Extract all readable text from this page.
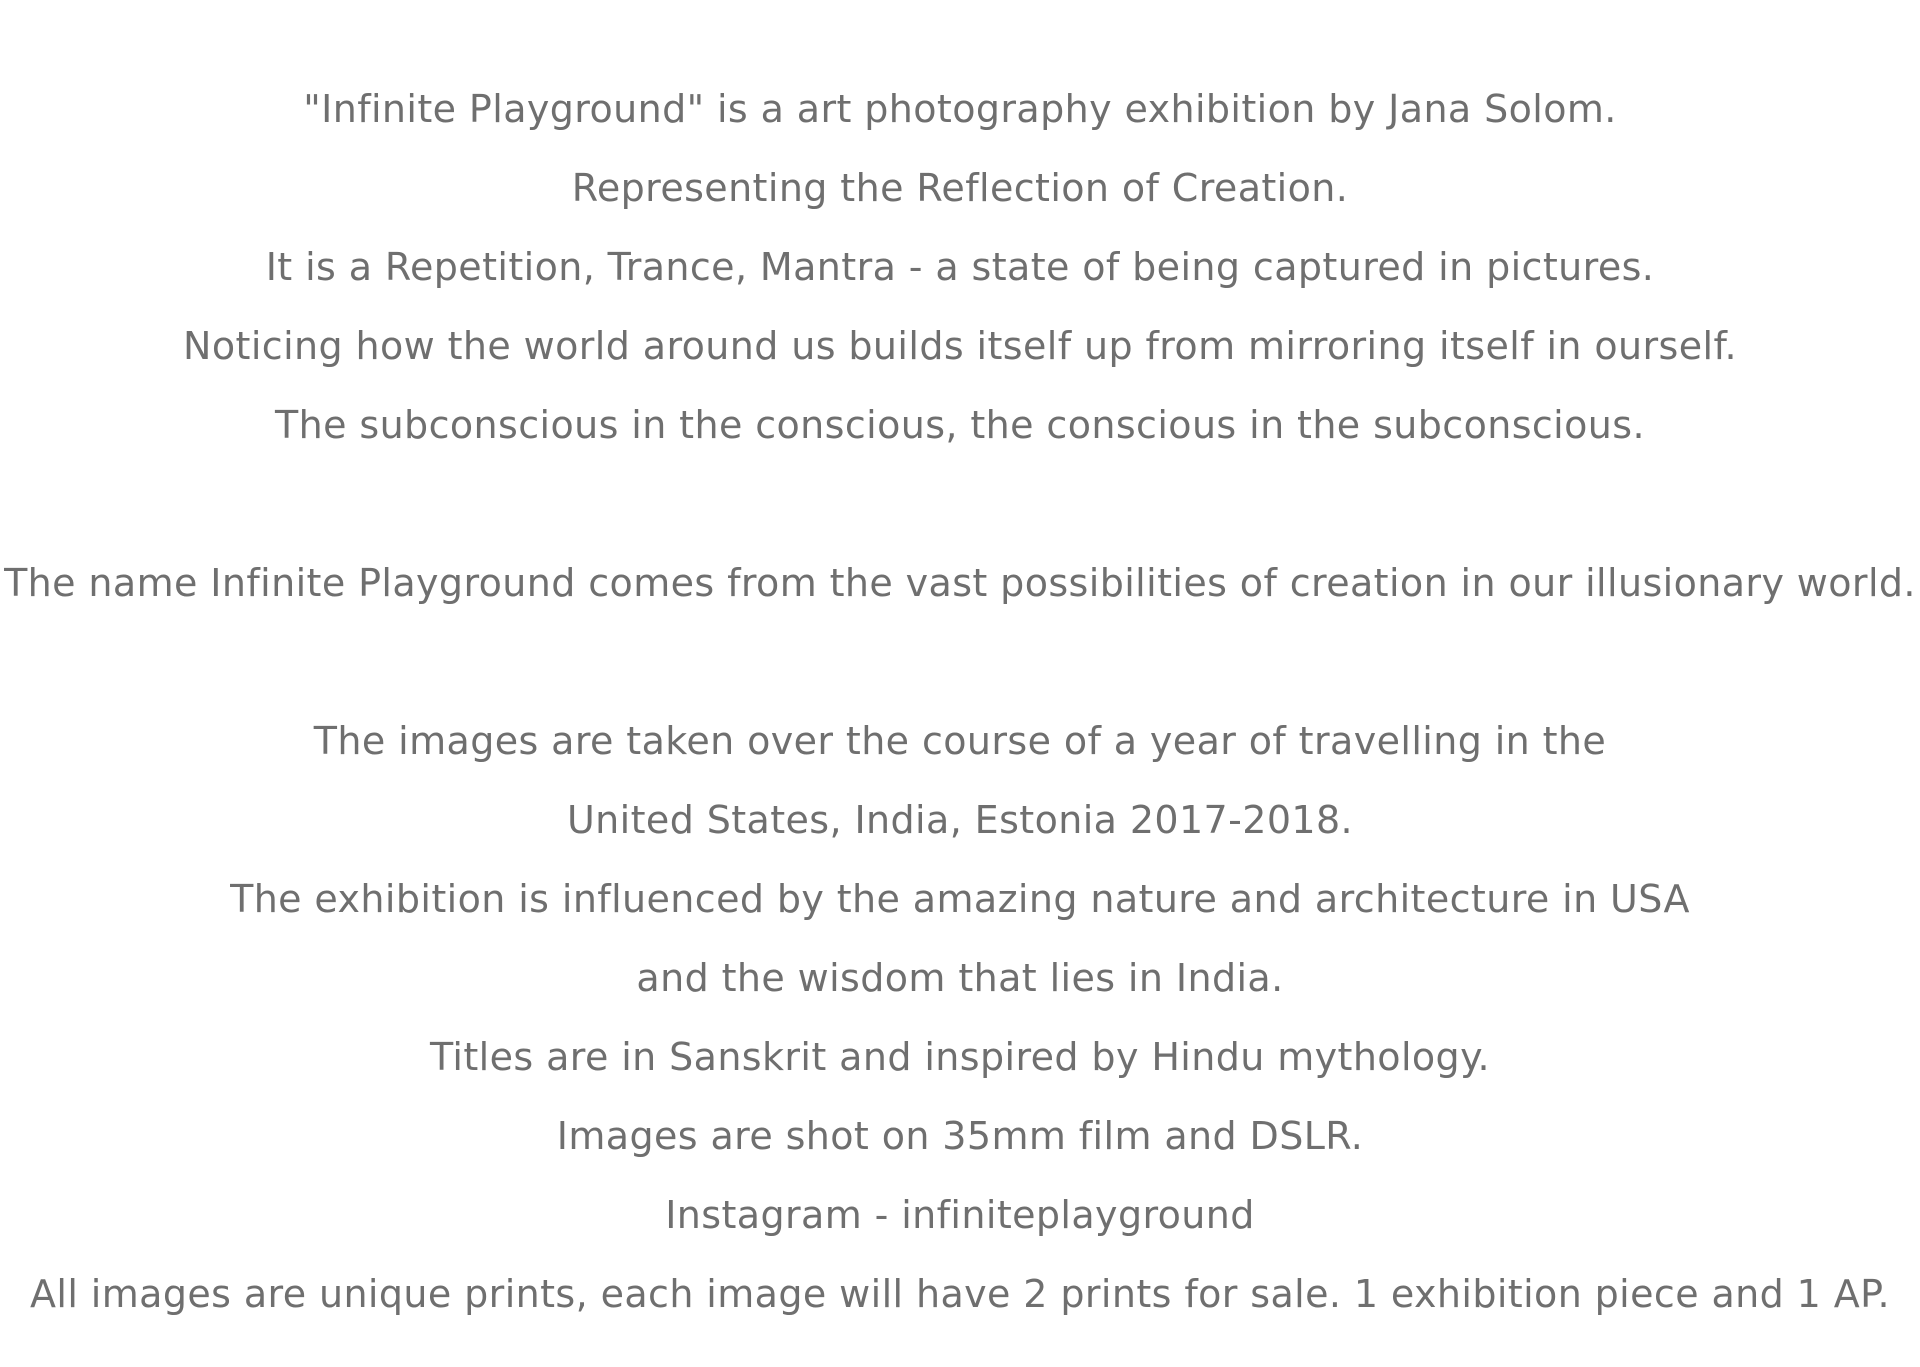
"Infinite Playground" is a art photography exhibition by Jana Solom.
Representing the Reflection of Creation.
It is a Repetition, Trance, Mantra - a state of being captured in pictures.
Noticing how the world around us builds itself up from mirroring itself in ourself.
The subconscious in the conscious, the conscious in the subconscious.
The name Infinite Playground comes from the vast possibilities of creation in our illusionary world.
The images are taken over the course of a year of travelling in the
United States, India, Estonia 2017-2018.
The exhibition is influenced by the amazing nature and architecture in USA
and the wisdom that lies in India.
Titles are in Sanskrit and inspired by Hindu mythology.
Images are shot on 35mm film and DSLR.
Instagram - infiniteplayground
All images are unique prints, each image will have 2 prints for sale. 1 exhibition piece and 1 AP.
